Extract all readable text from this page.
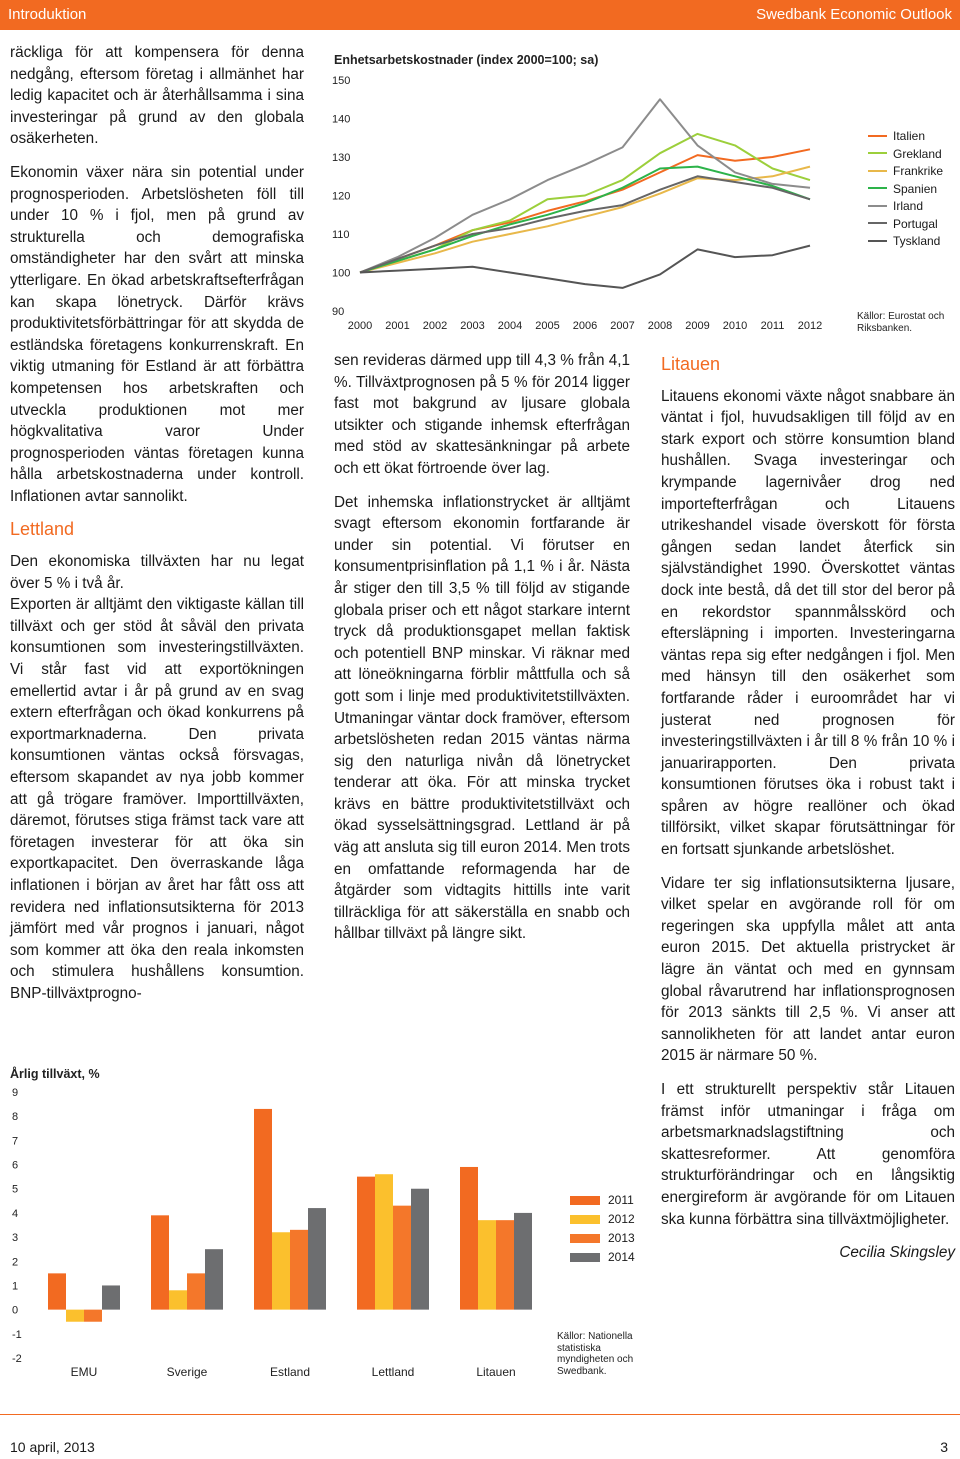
Introduktion	Swedbank Economic Outlook

räckliga för att kompensera för denna nedgång, eftersom företag i allmänhet har ledig kapacitet och är återhållsamma i sina investeringar på grund av den globala osäkerheten.

Ekonomin växer nära sin potential under prognosperioden. Arbetslösheten föll till under 10 % i fjol, men på grund av strukturella och demografiska omständigheter har den svårt att minska ytterligare. En ökad arbetskraftsefterfrågan kan skapa lönetryck. Därför krävs produktivitetsförbättringar för att skydda de estländska företagens konkurrenskraft. En viktig utmaning för Estland är att förbättra kompetensen hos arbetskraften och utveckla produktionen mot mer högkvalitativa varor Under prognosperioden väntas företagen kunna hålla arbetskostnaderna under kontroll. Inflationen avtar sannolikt.

Lettland

Den ekonomiska tillväxten har nu legat över 5 % i två år.

Exporten är alltjämt den viktigaste källan till tillväxt och ger stöd åt såväl den privata konsumtionen som investeringstillväxten. Vi står fast vid att exportökningen emellertid avtar i år på grund av en svag extern efterfrågan och ökad konkurrens på exportmarknaderna. Den privata konsumtionen väntas också försvagas, eftersom skapandet av nya jobb kommer att gå trögare framöver. Importtillväxten, däremot, förutses stiga främst tack vare att företagen investerar för att öka sin exportkapacitet. Den överraskande låga inflationen i början av året har fått oss att revidera ned inflationsutsikterna för 2013 jämfört med vår prognos i januari, något som kommer att öka den reala inkomsten och stimulera hushållens konsumtion. BNP-tillväxtprogno-

Enhetsarbetskostnader (index 2000=100; sa)
150
140
130
120
110
100
90
2000 2001 2002 2003 2004 2005 2006 2007 2008 2009 2010 2011 2012
Italien
Grekland
Frankrike
Spanien
Irland
Portugal
Tyskland
Källor: Eurostat och Riksbanken.

sen revideras därmed upp till 4,3 % från 4,1 %. Tillväxtprognosen på 5 % för 2014 ligger fast mot bakgrund av ljusare globala utsikter och stigande inhemsk efterfrågan med stöd av skattesänkningar på arbete och ett ökat förtroende över lag.

Det inhemska inflationstrycket är alltjämt svagt eftersom ekonomin fortfarande är under sin potential. Vi förutser en konsumentprisinflation på 1,1 % i år. Nästa år stiger den till 3,5 % till följd av stigande globala priser och ett något starkare internt tryck då produktionsgapet mellan faktisk och potentiell BNP minskar. Vi räknar med att löneökningarna förblir måttfulla och så gott som i linje med produktivitetstillväxten. Utmaningar väntar dock framöver, eftersom arbetslösheten redan 2015 väntas närma sig den naturliga nivån då lönetrycket tenderar att öka. För att minska trycket krävs en bättre produktivitetstillväxt och ökad sysselsättningsgrad. Lettland är på väg att ansluta sig till euron 2014. Men trots en omfattande reformagenda har de åtgärder som vidtagits hittills inte varit tillräckliga för att säkerställa en snabb och hållbar tillväxt på längre sikt.

Litauen

Litauens ekonomi växte något snabbare än väntat i fjol, huvudsakligen till följd av en stark export och större konsumtion bland hushållen. Svaga investeringar och krympande lagernivåer drog ned importefterfrågan och Litauens utrikeshandel visade överskott för första gången sedan landet återfick sin självständighet 1990. Överskottet väntas dock inte bestå, då det till stor del beror på en rekordstor spannmålsskörd och eftersläpning i importen. Investeringarna väntas repa sig efter nedgången i fjol. Men med hänsyn till den osäkerhet som fortfarande råder i euroområdet har vi justerat ned prognosen för investeringstillväxten i år till 8 % från 10 % i januarirapporten. Den privata konsumtionen förutses öka i robust takt i spåren av högre reallöner och ökad tillförsikt, vilket skapar förutsättningar för en fortsatt sjunkande arbetslöshet.

Vidare ter sig inflationsutsikterna ljusare, vilket spelar en avgörande roll för om regeringen ska uppfylla målet att anta euron 2015. Det aktuella pristrycket är lägre än väntat och med en gynnsam global råvarutrend har inflationsprognosen för 2013 sänkts till 2,5 %. Vi anser att sannolikheten för att landet antar euron 2015 är närmare 50 %.

I ett strukturellt perspektiv står Litauen främst inför utmaningar i fråga om arbetsmarknadslagstiftning och skattesreformer. Att genomföra strukturförändringar och en långsiktig energireform är avgörande för om Litauen ska kunna förbättra sina tillväxtmöjligheter.

Cecilia Skingsley

Årlig tillväxt, %
9
8
7
6
5
4
3
2
1
0
-1
-2
EMU	Sverige	Estland	Lettland	Litauen
2011
2012
2013
2014
Källor: Nationella statistiska myndigheten och Swedbank.
10 april, 2013	3
